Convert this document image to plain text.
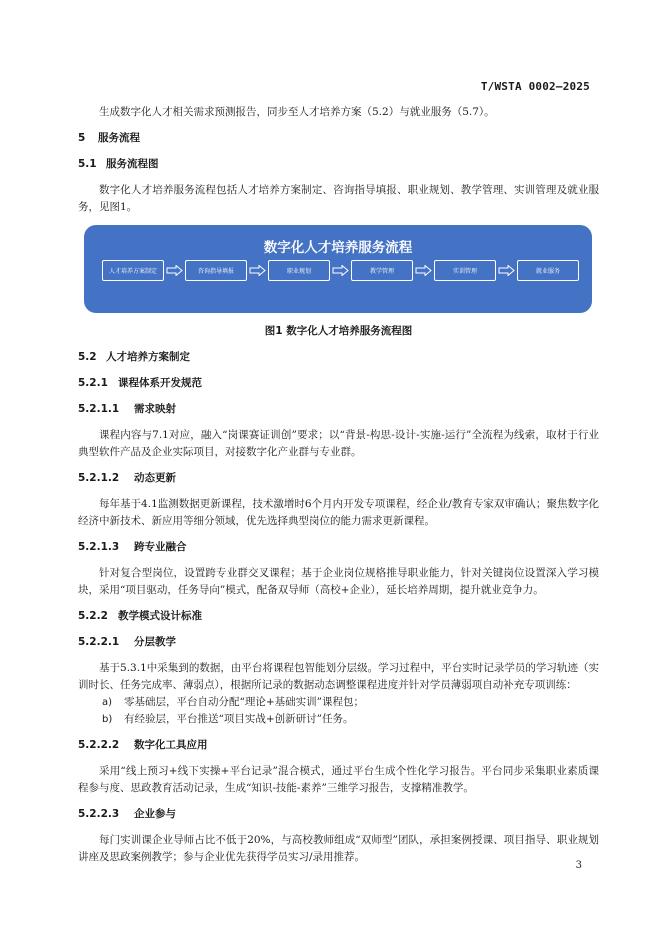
T/WSTA 0002—2025

生成数字化人才相关需求预测报告，同步至人才培养方案（5.2）与就业服务（5.7）。

5 服务流程
5.1 服务流程图

数字化人才培养服务流程包括人才培养方案制定、咨询指导填报、职业规划、教学管理、实训管理及就业服务，见图1。

数字化人才培养服务流程
人才培养方案制定	咨询指导填报	职业规划	教学管理	实训管理	就业服务
图1 数字化人才培养服务流程图
5.2 人才培养方案制定
5.2.1 课程体系开发规范
5.2.1.1 需求映射

课程内容与7.1对应，融入“岗课赛证训创”要求；以“背景-构思-设计-实施-运行”全流程为线索，取材于行业典型软件产品及企业实际项目，对接数字化产业群与专业群。

5.2.1.2 动态更新

每年基于4.1监测数据更新课程，技术激增时6个月内开发专项课程，经企业/教育专家双审确认；聚焦数字化经济中新技术、新应用等细分领域，优先选择典型岗位的能力需求更新课程。

5.2.1.3 跨专业融合

针对复合型岗位，设置跨专业群交叉课程；基于企业岗位规格推导职业能力，针对关键岗位设置深入学习模块，采用“项目驱动，任务导向”模式，配备双导师（高校+企业），延长培养周期，提升就业竞争力。

5.2.2 教学模式设计标准
5.2.2.1 分层教学

基于5.3.1中采集到的数据，由平台将课程包智能划分层级。学习过程中，平台实时记录学员的学习轨迹（实训时长、任务完成率、薄弱点），根据所记录的数据动态调整课程进度并针对学员薄弱项自动补充专项训练：

a) 零基础层，平台自动分配“理论+基础实训”课程包；
b) 有经验层，平台推送“项目实战+创新研讨”任务。
5.2.2.2 数字化工具应用

采用“线上预习+线下实操+平台记录”混合模式，通过平台生成个性化学习报告。平台同步采集职业素质课程参与度、思政教育活动记录，生成“知识-技能-素养”三维学习报告，支撑精准教学。

5.2.2.3 企业参与

每门实训课企业导师占比不低于20%，与高校教师组成“双师型”团队，承担案例授课、项目指导、职业规划讲座及思政案例教学；参与企业优先获得学员实习/录用推荐。

3
